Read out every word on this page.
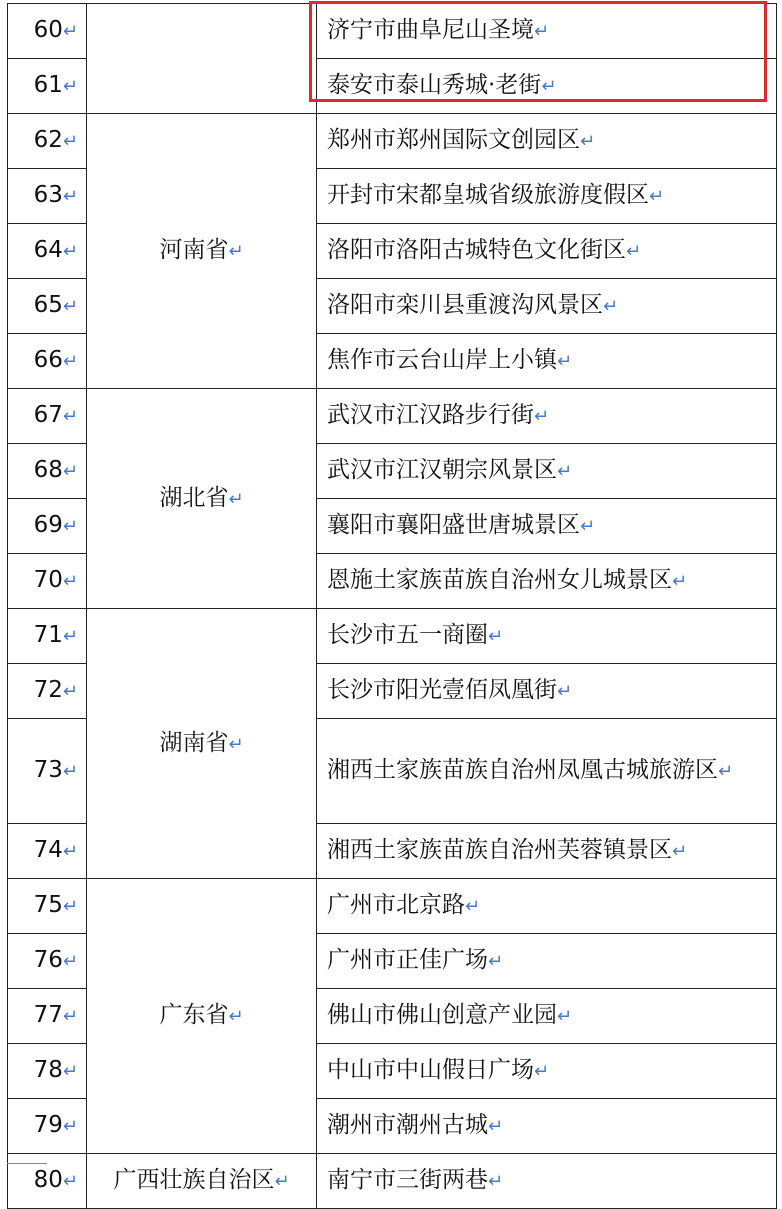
60↵		济宁市曲阜尼山圣境↵
61↵		泰安市泰山秀城·老街↵
62↵	河南省↵	郑州市郑州国际文创园区↵
63↵		开封市宋都皇城省级旅游度假区↵
64↵		洛阳市洛阳古城特色文化街区↵
65↵		洛阳市栾川县重渡沟风景区↵
66↵		焦作市云台山岸上小镇↵
67↵	湖北省↵	武汉市江汉路步行街↵
68↵		武汉市江汉朝宗风景区↵
69↵		襄阳市襄阳盛世唐城景区↵
70↵		恩施土家族苗族自治州女儿城景区↵
71↵	湖南省↵	长沙市五一商圈↵
72↵		长沙市阳光壹佰凤凰街↵
73↵		湘西土家族苗族自治州凤凰古城旅游区↵
74↵		湘西土家族苗族自治州芙蓉镇景区↵
75↵	广东省↵	广州市北京路↵
76↵		广州市正佳广场↵
77↵		佛山市佛山创意产业园↵
78↵		中山市中山假日广场↵
79↵		潮州市潮州古城↵
80↵	广西壮族自治区↵	南宁市三街两巷↵
